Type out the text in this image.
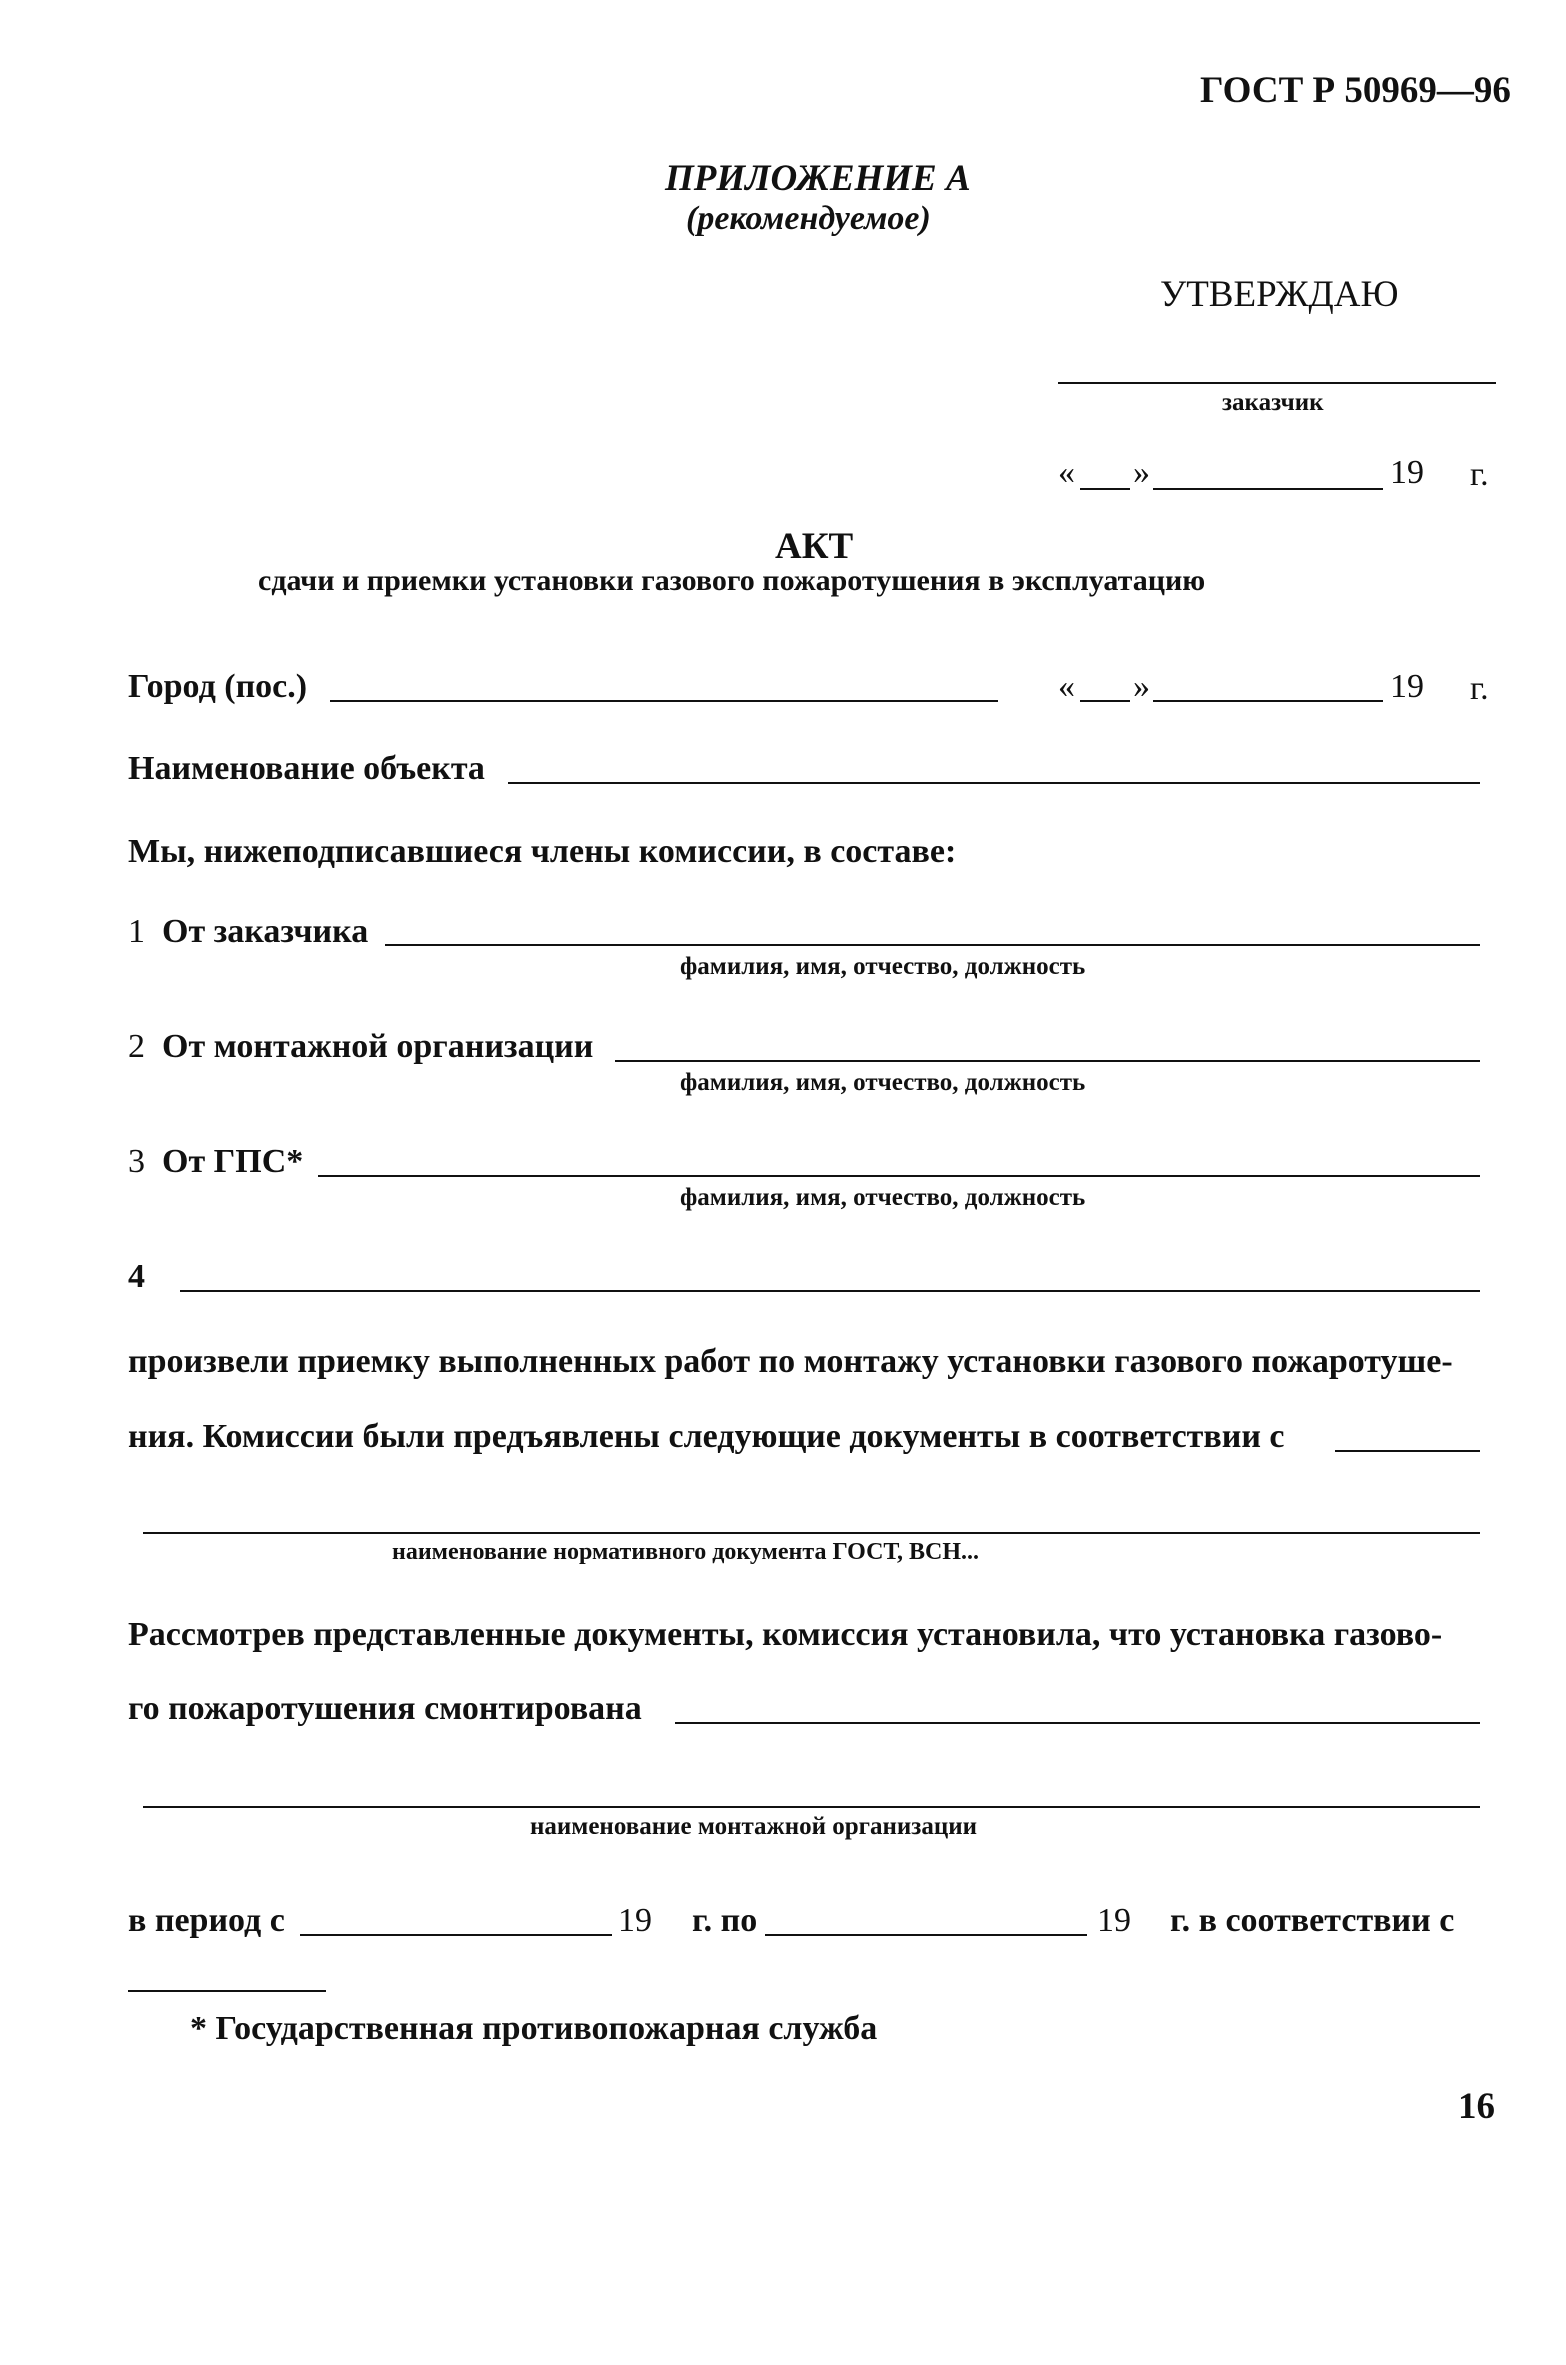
ГОСТ Р 50969—96
ПРИЛОЖЕНИЕ А
(рекомендуемое)
УТВЕРЖДАЮ
заказчик
« »	19 г.
АКТ
сдачи и приемки установки газового пожаротушения в эксплуатацию
Город (пос.)	« »	19 г.
Наименование объекта
Мы, нижеподписавшиеся члены комиссии, в составе:
1 От заказчика
фамилия, имя, отчество, должность
2 От монтажной организации
фамилия, имя, отчество, должность
3 От ГПС*
фамилия, имя, отчество, должность
4
произвели приемку выполненных работ по монтажу установки газового пожаротуше-
ния. Комиссии были предъявлены следующие документы в соответствии с
наименование нормативного документа ГОСТ, ВСН...
Рассмотрев представленные документы, комиссия установила, что установка газово-
го пожаротушения смонтирована
наименование монтажной организации
в период с	19 г. по	19 г. в соответствии с
* Государственная противопожарная служба
16
